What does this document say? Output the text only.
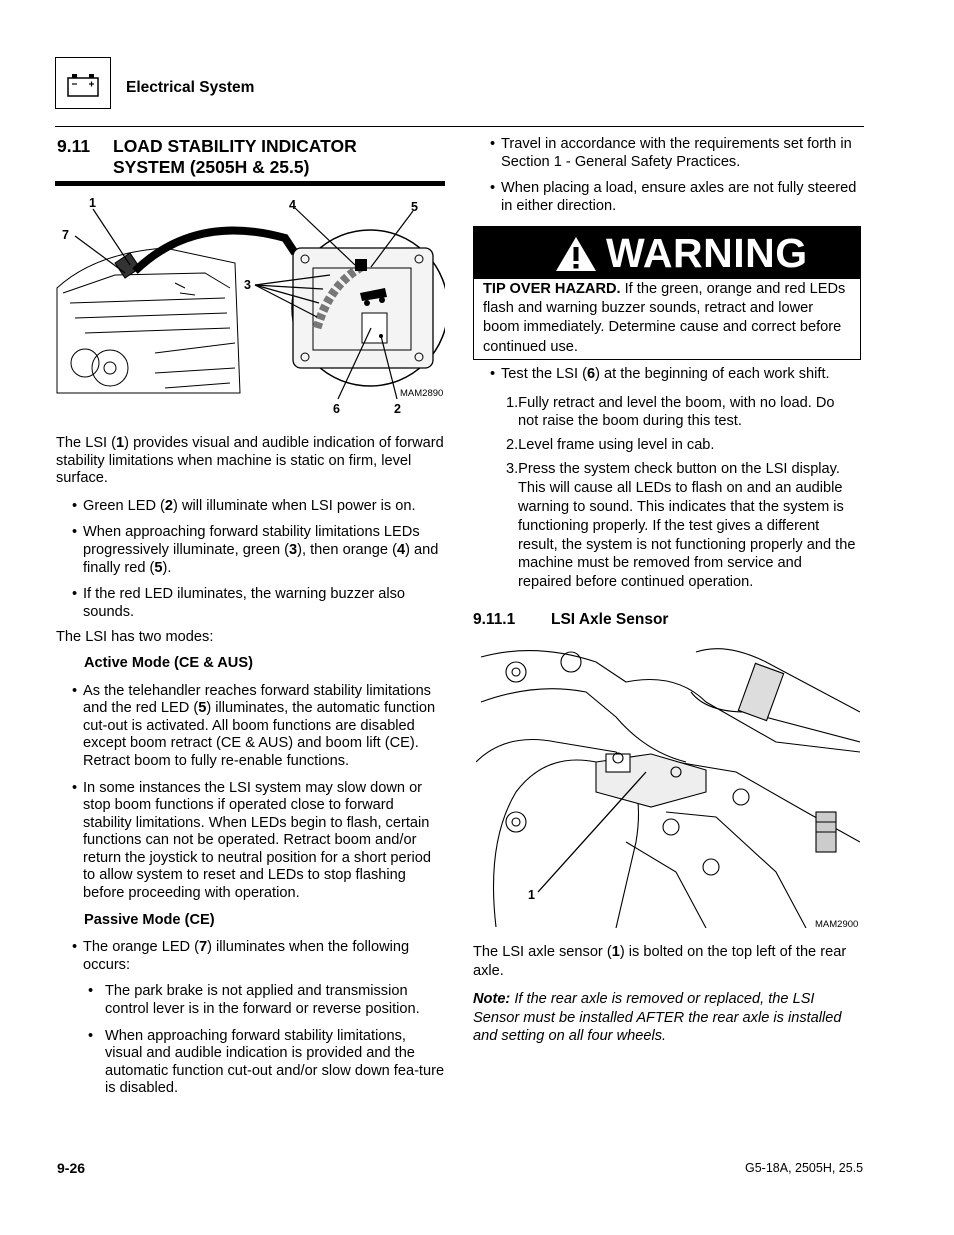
Electrical System
9.11 LOAD STABILITY INDICATOR
SYSTEM (2505H & 25.5)
1
7
4	5
3
6	2
MAM2890

The LSI (1) provides visual and audible indication of forward stability limitations when machine is static on firm, level surface.

• Green LED (2) will illuminate when LSI power is on.

• When approaching forward stability limitations LEDs progressively illuminate, green (3), then orange (4) and finally red (5).

• If the red LED iluminates, the warning buzzer also sounds.

The LSI has two modes:

Active Mode (CE & AUS)

• As the telehandler reaches forward stability limitations and the red LED (5) illuminates, the automatic function cut-out is activated. All boom functions are disabled except boom retract (CE & AUS) and boom lift (CE). Retract boom to fully re-enable functions.

• In some instances the LSI system may slow down or stop boom functions if operated close to forward stability limitations. When LEDs begin to flash, certain functions can not be operated. Retract boom and/or return the joystick to neutral position for a short period to allow system to reset and LEDs to stop flashing before proceeding with operation.

Passive Mode (CE)

• The orange LED (7) illuminates when the following occurs:

• The park brake is not applied and transmission control lever is in the forward or reverse position.

• When approaching forward stability limitations, visual and audible indication is provided and the automatic function cut-out and/or slow down fea-ture is disabled.

• Travel in accordance with the requirements set forth in Section 1 - General Safety Practices.

• When placing a load, ensure axles are not fully steered in either direction.

WARNING

TIP OVER HAZARD. If the green, orange and red LEDs flash and warning buzzer sounds, retract and lower boom immediately. Determine cause and correct before continued use.

• Test the LSI (6) at the beginning of each work shift.

1.Fully retract and level the boom, with no load. Do not raise the boom during this test.

2.Level frame using level in cab.

3.Press the system check button on the LSI display. This will cause all LEDs to flash on and an audible warning to sound. This indicates that the system is functioning properly. If the test gives a different result, the system is not functioning properly and the machine must be removed from service and repaired before continued operation.

9.11.1 LSI Axle Sensor
1
MAM2900

The LSI axle sensor (1) is bolted on the top left of the rear axle.

Note: If the rear axle is removed or replaced, the LSI Sensor must be installed AFTER the rear axle is installed and setting on all four wheels.

9-26	G5-18A, 2505H, 25.5
